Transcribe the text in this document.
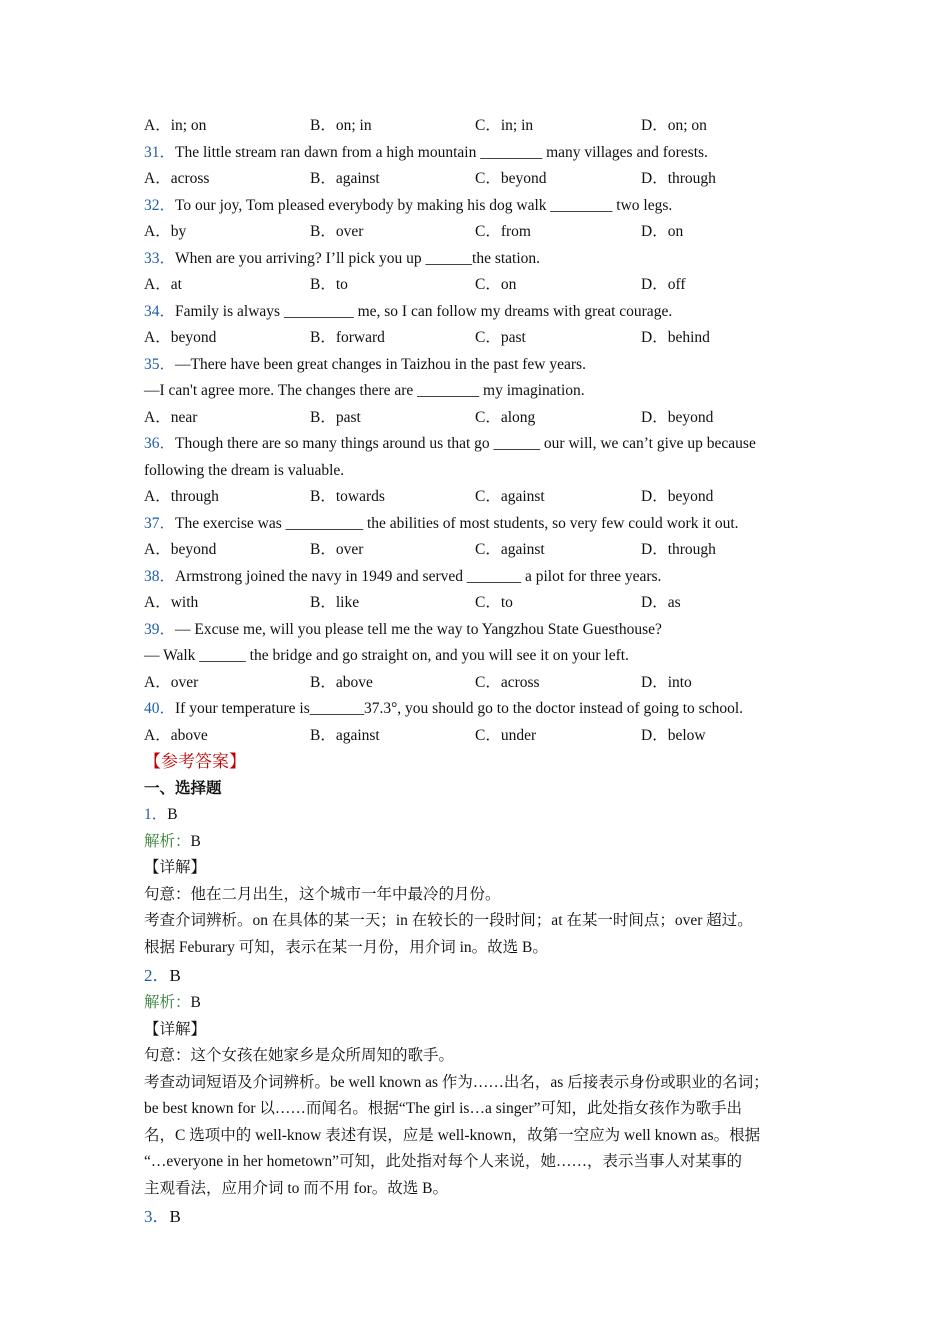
A．in; on	B．on; in	C．in; in	D．on; on
31．The little stream ran dawn from a high mountain ________ many villages and forests.
A．across	B．against	C．beyond	D．through
32．To our joy, Tom pleased everybody by making his dog walk ________ two legs.
A．by	B．over	C．from	D．on
33．When are you arriving? I’ll pick you up ______the station.
A．at	B．to	C．on	D．off
34．Family is always _________ me, so I can follow my dreams with great courage.
A．beyond	B．forward	C．past	D．behind
35．—There have been great changes in Taizhou in the past few years.
—I can't agree more. The changes there are ________ my imagination.
A．near	B．past	C．along	D．beyond
36．Though there are so many things around us that go ______ our will, we can’t give up because
following the dream is valuable.
A．through	B．towards	C．against	D．beyond
37．The exercise was __________ the abilities of most students, so very few could work it out.
A．beyond	B．over	C．against	D．through
38．Armstrong joined the navy in 1949 and served _______ a pilot for three years.
A．with	B．like	C．to	D．as
39．— Excuse me, will you please tell me the way to Yangzhou State Guesthouse?
— Walk ______ the bridge and go straight on, and you will see it on your left.
A．over	B．above	C．across	D．into
40．If your temperature is_______37.3°, you should go to the doctor instead of going to school.
A．above	B．against	C．under	D．below
【参考答案】
一、选择题
1．B
解析：B
【详解】
句意：他在二月出生，这个城市一年中最冷的月份。
考查介词辨析。on 在具体的某一天；in 在较长的一段时间；at 在某一时间点；over 超过。
根据 Feburary 可知，表示在某一月份，用介词 in。故选 B。
2．B
解析：B
【详解】
句意：这个女孩在她家乡是众所周知的歌手。
考查动词短语及介词辨析。be well known as 作为……出名，as 后接表示身份或职业的名词；
be best known for 以……而闻名。根据“The girl is…a singer”可知，此处指女孩作为歌手出
名，C 选项中的 well-know 表述有误，应是 well-known，故第一空应为 well known as。根据
“…everyone in her hometown”可知，此处指对每个人来说，她……，表示当事人对某事的
主观看法，应用介词 to 而不用 for。故选 B。
3．B
